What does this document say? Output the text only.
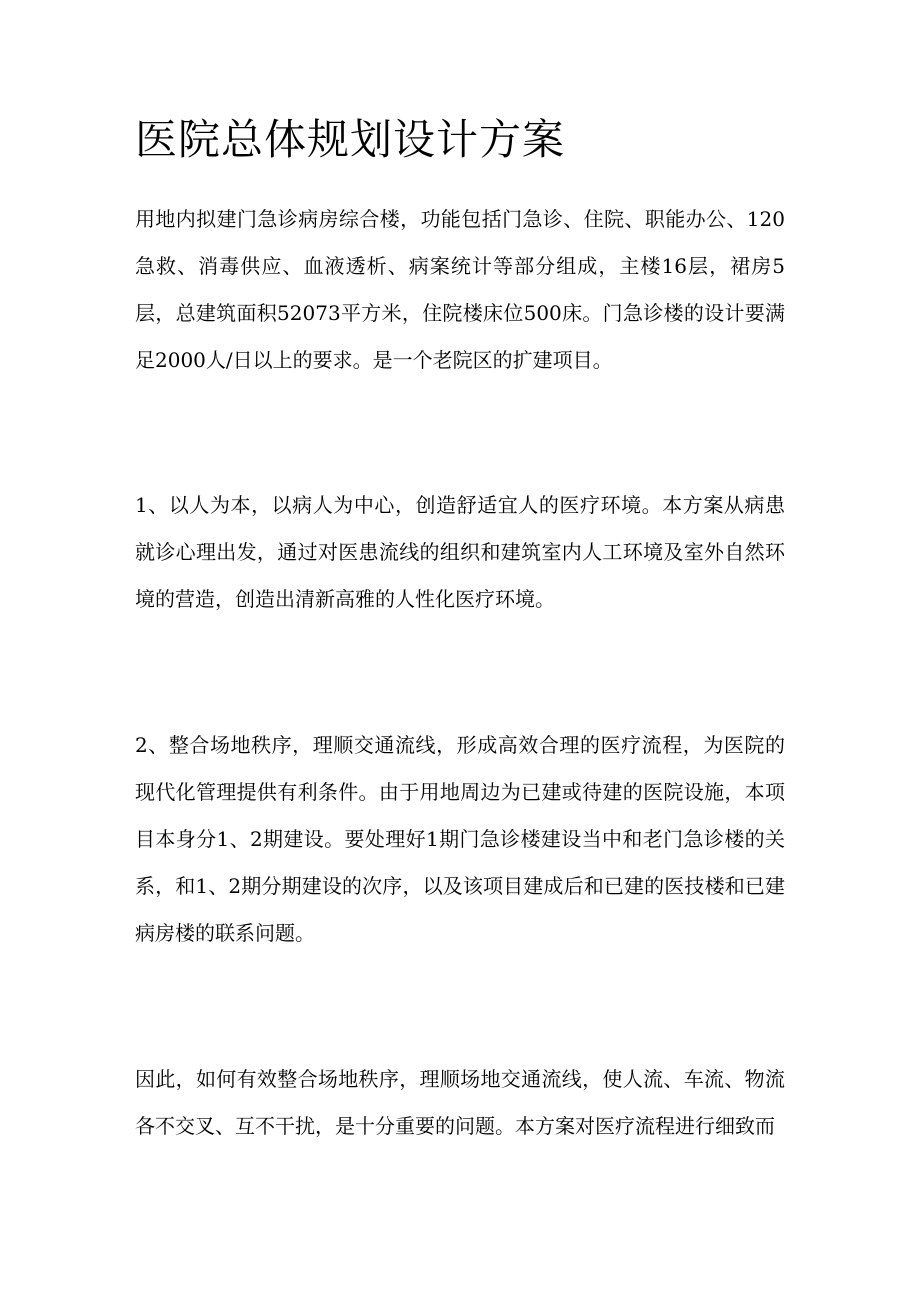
医院总体规划设计方案

用地内拟建门急诊病房综合楼，功能包括门急诊、住院、职能办公、120急救、消毒供应、血液透析、病案统计等部分组成，主楼16层，裙房5层，总建筑面积52073平方米，住院楼床位500床。门急诊楼的设计要满足2000人/日以上的要求。是一个老院区的扩建项目。

1、以人为本，以病人为中心，创造舒适宜人的医疗环境。本方案从病患就诊心理出发，通过对医患流线的组织和建筑室内人工环境及室外自然环境的营造，创造出清新高雅的人性化医疗环境。

2、整合场地秩序，理顺交通流线，形成高效合理的医疗流程，为医院的现代化管理提供有利条件。由于用地周边为已建或待建的医院设施，本项目本身分1、2期建设。要处理好1期门急诊楼建设当中和老门急诊楼的关系，和1、2期分期建设的次序，以及该项目建成后和已建的医技楼和已建病房楼的联系问题。

因此，如何有效整合场地秩序，理顺场地交通流线，使人流、车流、物流各不交叉、互不干扰，是十分重要的问题。本方案对医疗流程进行细致而
